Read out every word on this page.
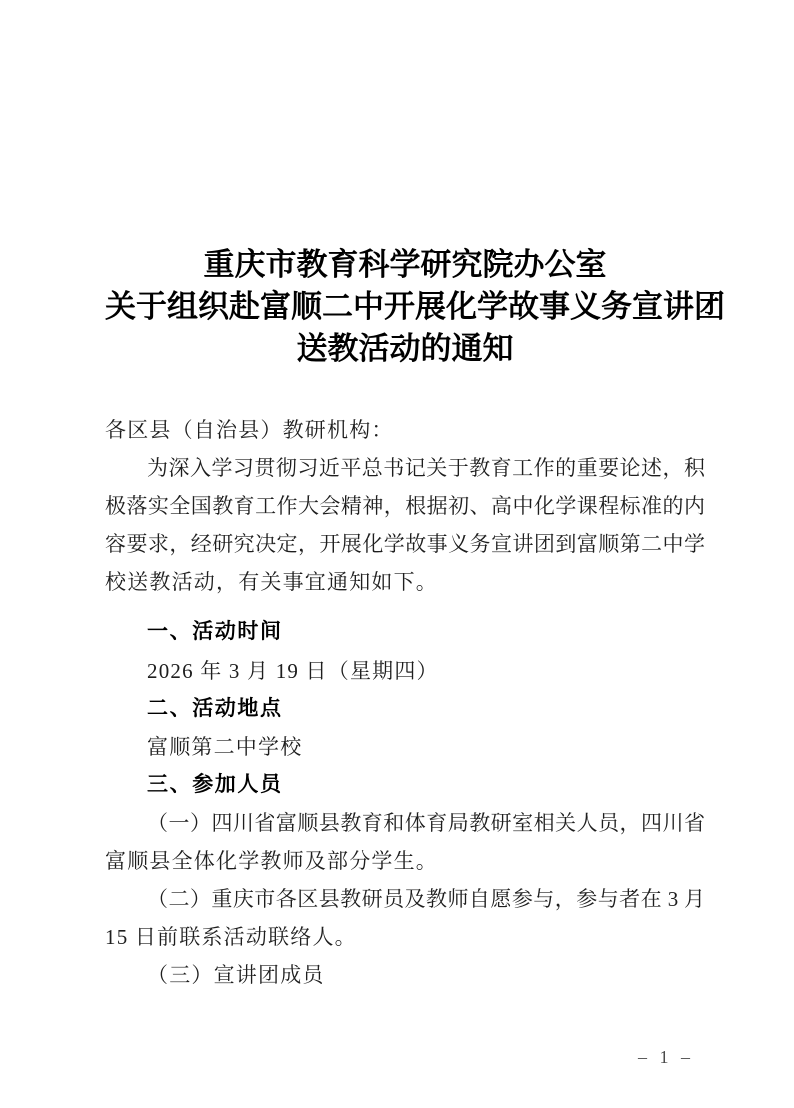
重庆市教育科学研究院办公室
关于组织赴富顺二中开展化学故事义务宣讲团
送教活动的通知
各区县（自治县）教研机构：
为深入学习贯彻习近平总书记关于教育工作的重要论述，积
极落实全国教育工作大会精神，根据初、高中化学课程标准的内
容要求，经研究决定，开展化学故事义务宣讲团到富顺第二中学
校送教活动，有关事宜通知如下。
一、活动时间
2026 年 3 月 19 日（星期四）
二、活动地点
富顺第二中学校
三、参加人员
（一）四川省富顺县教育和体育局教研室相关人员，四川省
富顺县全体化学教师及部分学生。
（二）重庆市各区县教研员及教师自愿参与，参与者在 3 月
15 日前联系活动联络人。
（三）宣讲团成员
– 1 –
